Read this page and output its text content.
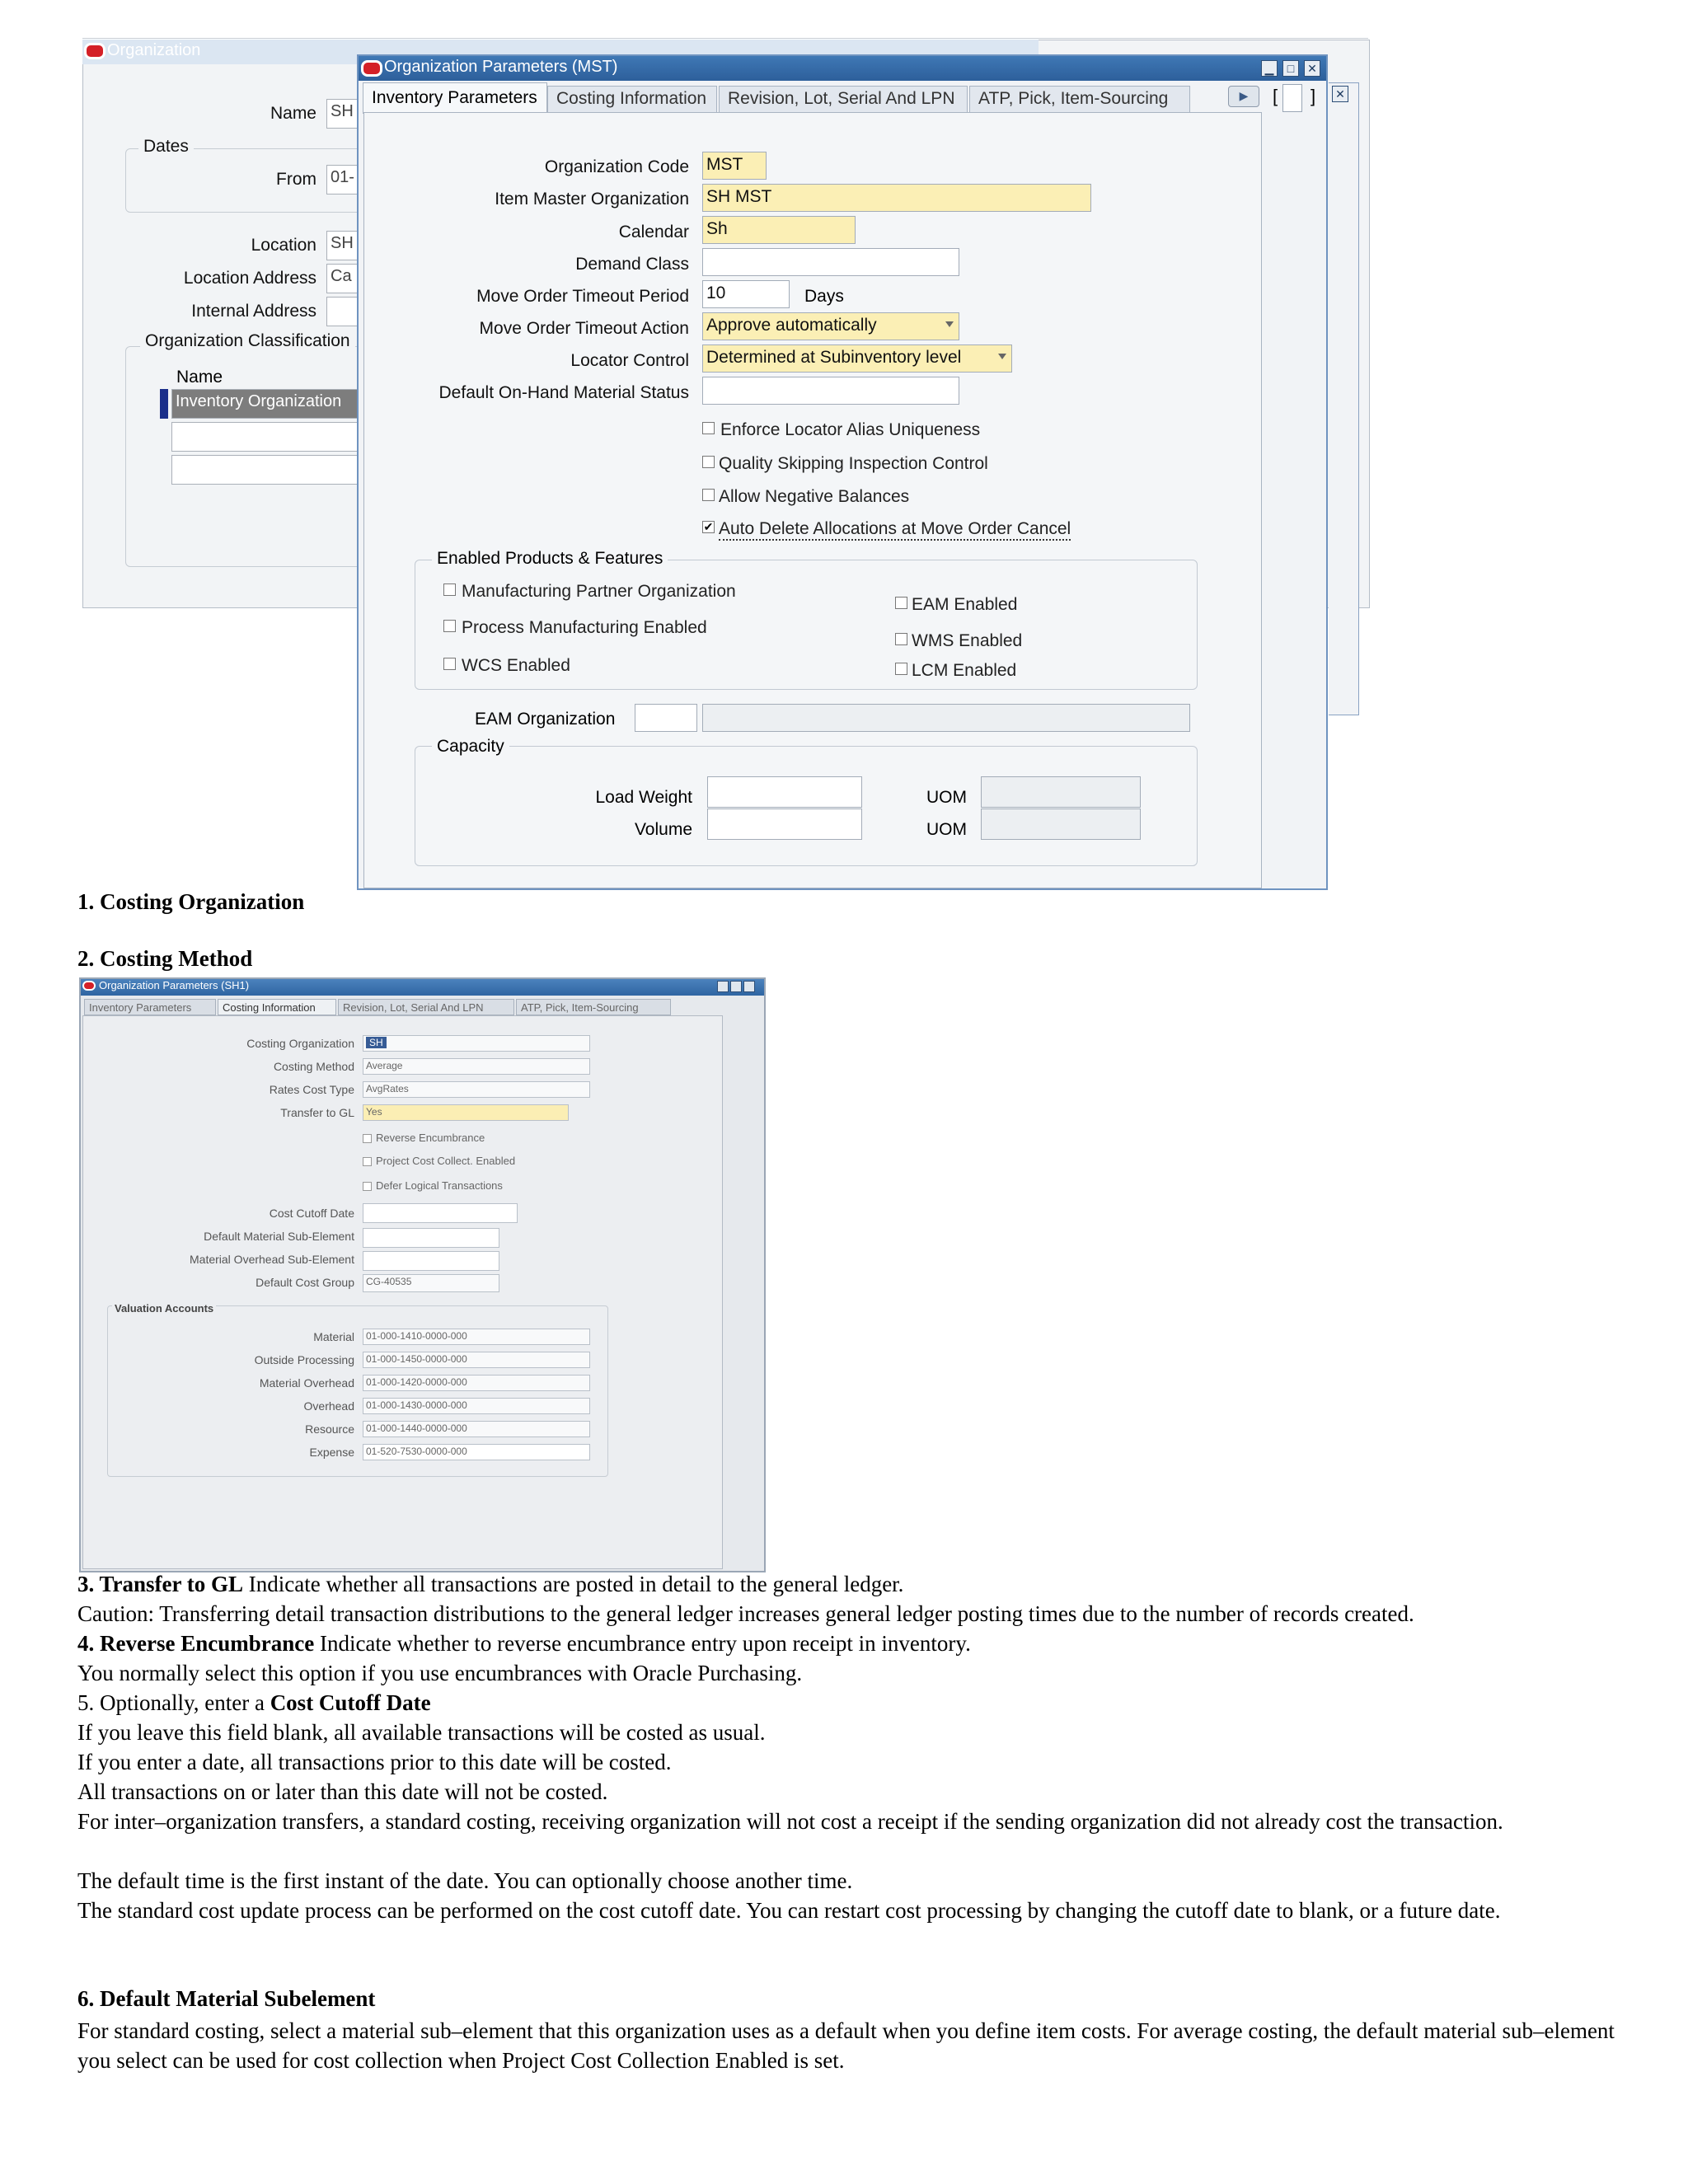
Organization
Name SH
Dates
From 01-
Location SH
Location Address Ca
Internal Address
Organization Classification
Name
Inventory Organization
Organization Parameters (MST)	▁	□	✕
Inventory Parameters	Costing Information	Revision, Lot, Serial And LPN	ATP, Pick, Item-Sourcing	▶	[ ] ✕
Organization Code MST
Item Master Organization SH MST
Calendar Sh
Demand Class
Move Order Timeout Period 10	Days
Move Order Timeout Action Approve automatically
Locator Control Determined at Subinventory level
Default On-Hand Material Status
Enforce Locator Alias Uniqueness
Quality Skipping Inspection Control
Allow Negative Balances
✔ Auto Delete Allocations at Move Order Cancel
Enabled Products & Features
Manufacturing Partner Organization
Process Manufacturing Enabled
WCS Enabled
EAM Enabled
WMS Enabled
LCM Enabled
EAM Organization
Capacity
Load Weight	UOM
Volume	UOM
1. Costing Organization
2. Costing Method
Organization Parameters (SH1)
Inventory Parameters	Costing Information	Revision, Lot, Serial And LPN	ATP, Pick, Item-Sourcing
Costing Organization	SH
Costing Method	Average
Rates Cost Type	AvgRates
Transfer to GL	Yes
Reverse Encumbrance
Project Cost Collect. Enabled
Defer Logical Transactions
Cost Cutoff Date
Default Material Sub-Element
Material Overhead Sub-Element
Default Cost Group	CG-40535
Valuation Accounts
Material	01-000-1410-0000-000
Outside Processing	01-000-1450-0000-000
Material Overhead	01-000-1420-0000-000
Overhead	01-000-1430-0000-000
Resource	01-000-1440-0000-000
Expense	01-520-7530-0000-000
3. Transfer to GL Indicate whether all transactions are posted in detail to the general ledger.
Caution: Transferring detail transaction distributions to the general ledger increases general ledger posting times due to the number of records created.
4. Reverse Encumbrance Indicate whether to reverse encumbrance entry upon receipt in inventory.
You normally select this option if you use encumbrances with Oracle Purchasing.
5. Optionally, enter a Cost Cutoff Date
If you leave this field blank, all available transactions will be costed as usual.
If you enter a date, all transactions prior to this date will be costed.
All transactions on or later than this date will not be costed.
For inter–organization transfers, a standard costing, receiving organization will not cost a receipt if the sending organization did not already cost the transaction.
The default time is the first instant of the date. You can optionally choose another time.
The standard cost update process can be performed on the cost cutoff date. You can restart cost processing by changing the cutoff date to blank, or a future date.
6. Default Material Subelement
For standard costing, select a material sub–element that this organization uses as a default when you define item costs. For average costing, the default material sub–element you select can be used for cost collection when Project Cost Collection Enabled is set.
